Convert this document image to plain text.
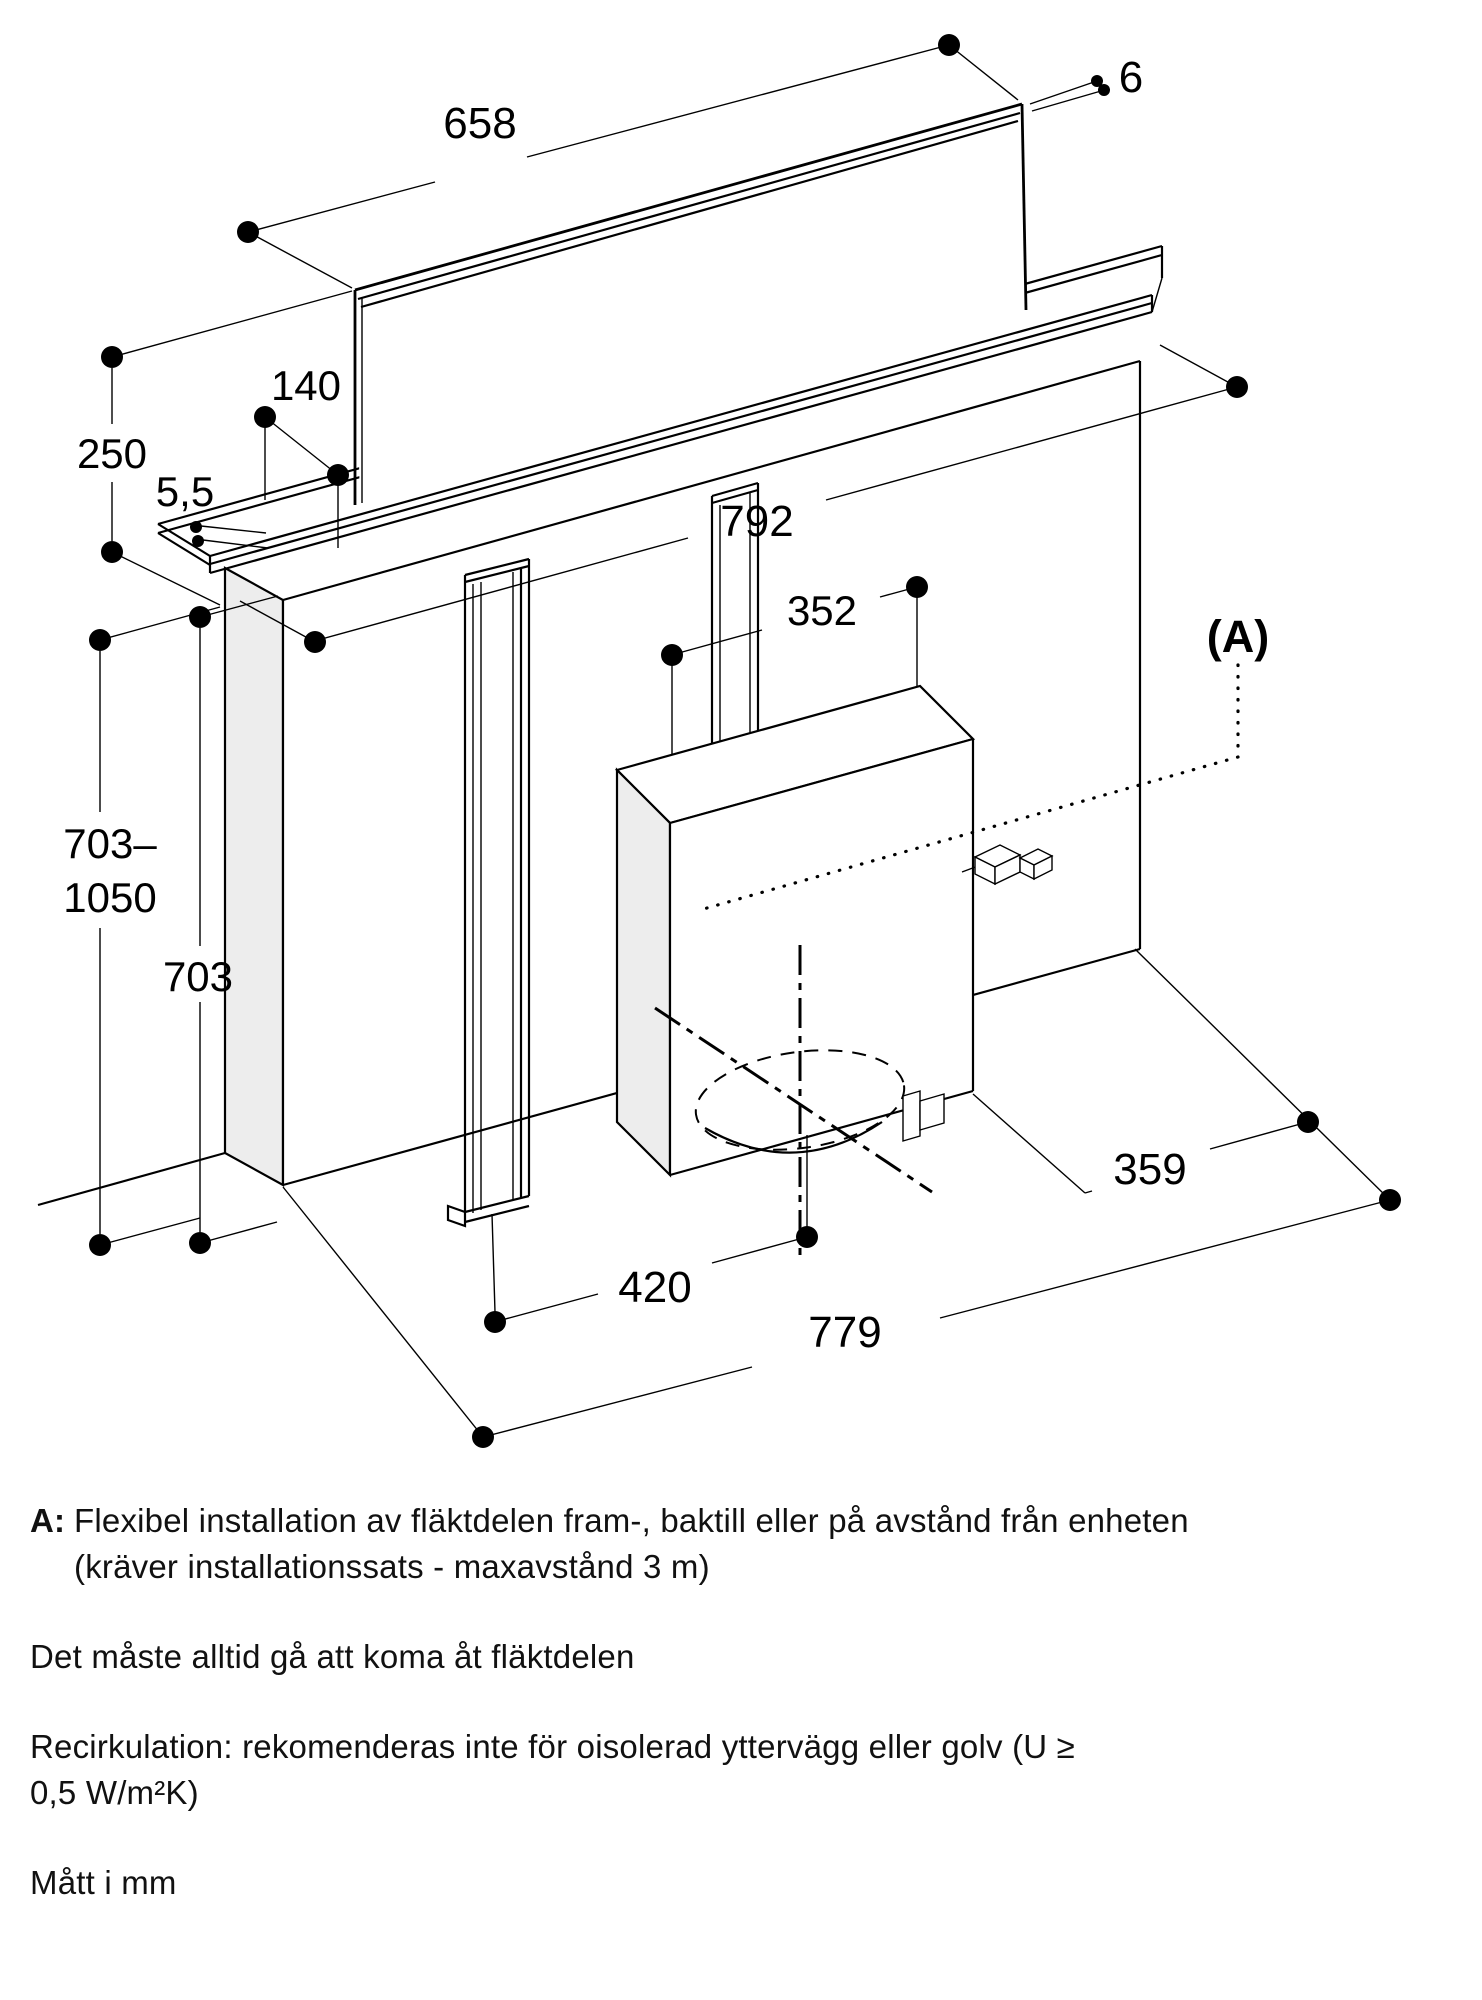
(A)
658
6
140
250
5,5
792
352
703–
1050
703
420
779
359
A: Flexibel installation av fläktdelen fram-, baktill eller på avstånd från enheten
(kräver installationssats - maxavstånd 3 m)
Det måste alltid gå att koma åt fläktdelen
Recirkulation: rekomenderas inte för oisolerad yttervägg eller golv (U ≥
0,5 W/m²K)
Mått i mm
